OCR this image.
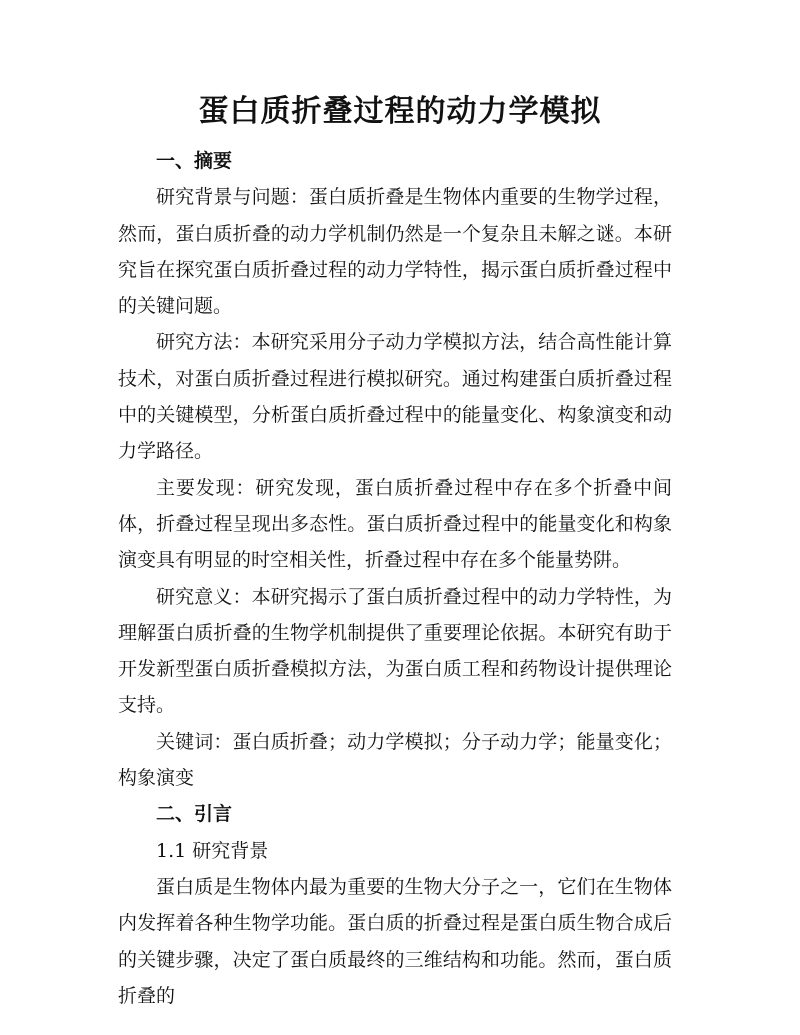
蛋白质折叠过程的动力学模拟

一、摘要

研究背景与问题：蛋白质折叠是生物体内重要的生物学过程，然而，蛋白质折叠的动力学机制仍然是一个复杂且未解之谜。本研究旨在探究蛋白质折叠过程的动力学特性，揭示蛋白质折叠过程中的关键问题。

研究方法：本研究采用分子动力学模拟方法，结合高性能计算技术，对蛋白质折叠过程进行模拟研究。通过构建蛋白质折叠过程中的关键模型，分析蛋白质折叠过程中的能量变化、构象演变和动力学路径。

主要发现：研究发现，蛋白质折叠过程中存在多个折叠中间体，折叠过程呈现出多态性。蛋白质折叠过程中的能量变化和构象演变具有明显的时空相关性，折叠过程中存在多个能量势阱。

研究意义：本研究揭示了蛋白质折叠过程中的动力学特性，为理解蛋白质折叠的生物学机制提供了重要理论依据。本研究有助于开发新型蛋白质折叠模拟方法，为蛋白质工程和药物设计提供理论支持。

关键词：蛋白质折叠；动力学模拟；分子动力学；能量变化；构象演变

二、引言

1.1 研究背景

蛋白质是生物体内最为重要的生物大分子之一，它们在生物体内发挥着各种生物学功能。蛋白质的折叠过程是蛋白质生物合成后的关键步骤，决定了蛋白质最终的三维结构和功能。然而，蛋白质折叠的
